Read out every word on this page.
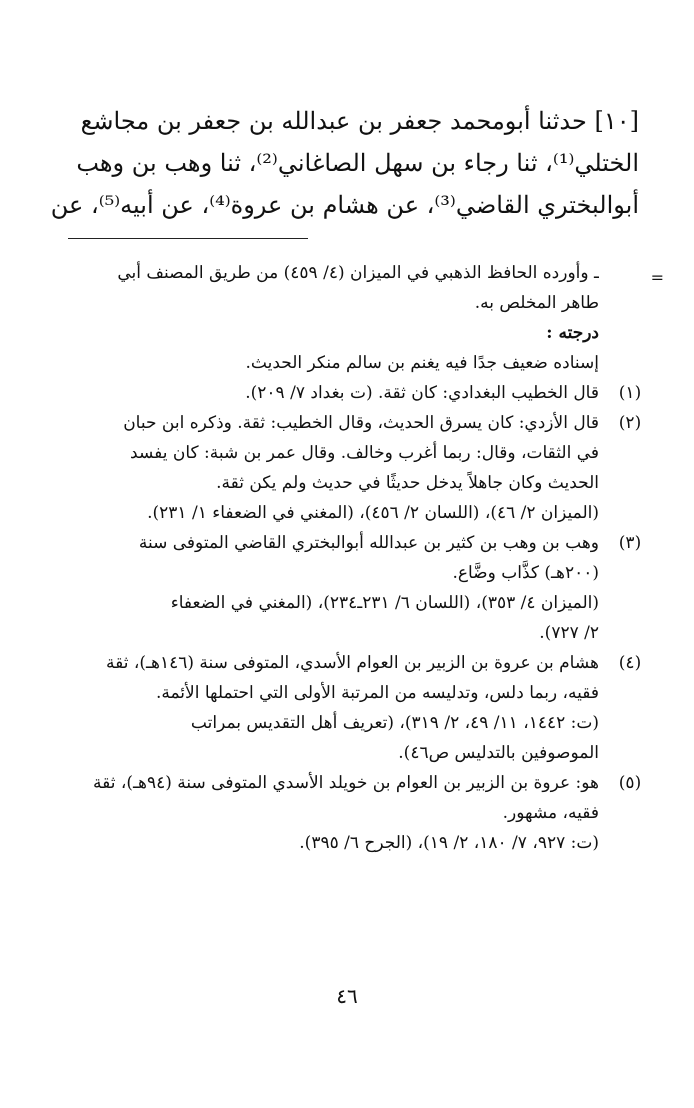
[١٠] حدثنا أبومحمد جعفر بن عبدالله بن جعفر بن مجاشع
الختلي⁽¹⁾، ثنا رجاء بن سهل الصاغاني⁽²⁾، ثنا وهب بن وهب
أبوالبختري القاضي⁽³⁾، عن هشام بن عروة⁽⁴⁾، عن أبيه⁽⁵⁾، عن
=
ـ وأورده الحافظ الذهبي في الميزان (٤/ ٤٥٩) من طريق المصنف أبي
طاهر المخلص به.
درجته :
إسناده ضعيف جدًا فيه يغنم بن سالم منكر الحديث.
(١)
قال الخطيب البغدادي: كان ثقة. (ت بغداد ٧/ ٢٠٩).
(٢)
قال الأزدي: كان يسرق الحديث، وقال الخطيب: ثقة. وذكره ابن حبان
في الثقات، وقال: ربما أغرب وخالف. وقال عمر بن شبة: كان يفسد
الحديث وكان جاهلاً يدخل حديثًا في حديث ولم يكن ثقة.
(الميزان ٢/ ٤٦)، (اللسان ٢/ ٤٥٦)، (المغني في الضعفاء ١/ ٢٣١).
(٣)
وهب بن وهب بن كثير بن عبدالله أبوالبختري القاضي المتوفى سنة
(٢٠٠هـ) كذَّاب وضَّاع.
(الميزان ٤/ ٣٥٣)، (اللسان ٦/ ٢٣١ـ٢٣٤)، (المغني في الضعفاء
٢/ ٧٢٧).
(٤)
هشام بن عروة بن الزبير بن العوام الأسدي، المتوفى سنة (١٤٦هـ)، ثقة
فقيه، ربما دلس، وتدليسه من المرتبة الأولى التي احتملها الأئمة.
(ت: ١٤٤٢، ١١/ ٤٩، ٢/ ٣١٩)، (تعريف أهل التقديس بمراتب
الموصوفين بالتدليس ص٤٦).
(٥)
هو: عروة بن الزبير بن العوام بن خويلد الأسدي المتوفى سنة (٩٤هـ)، ثقة
فقيه، مشهور.
(ت: ٩٢٧، ٧/ ١٨٠، ٢/ ١٩)، (الجرح ٦/ ٣٩٥).
٤٦
